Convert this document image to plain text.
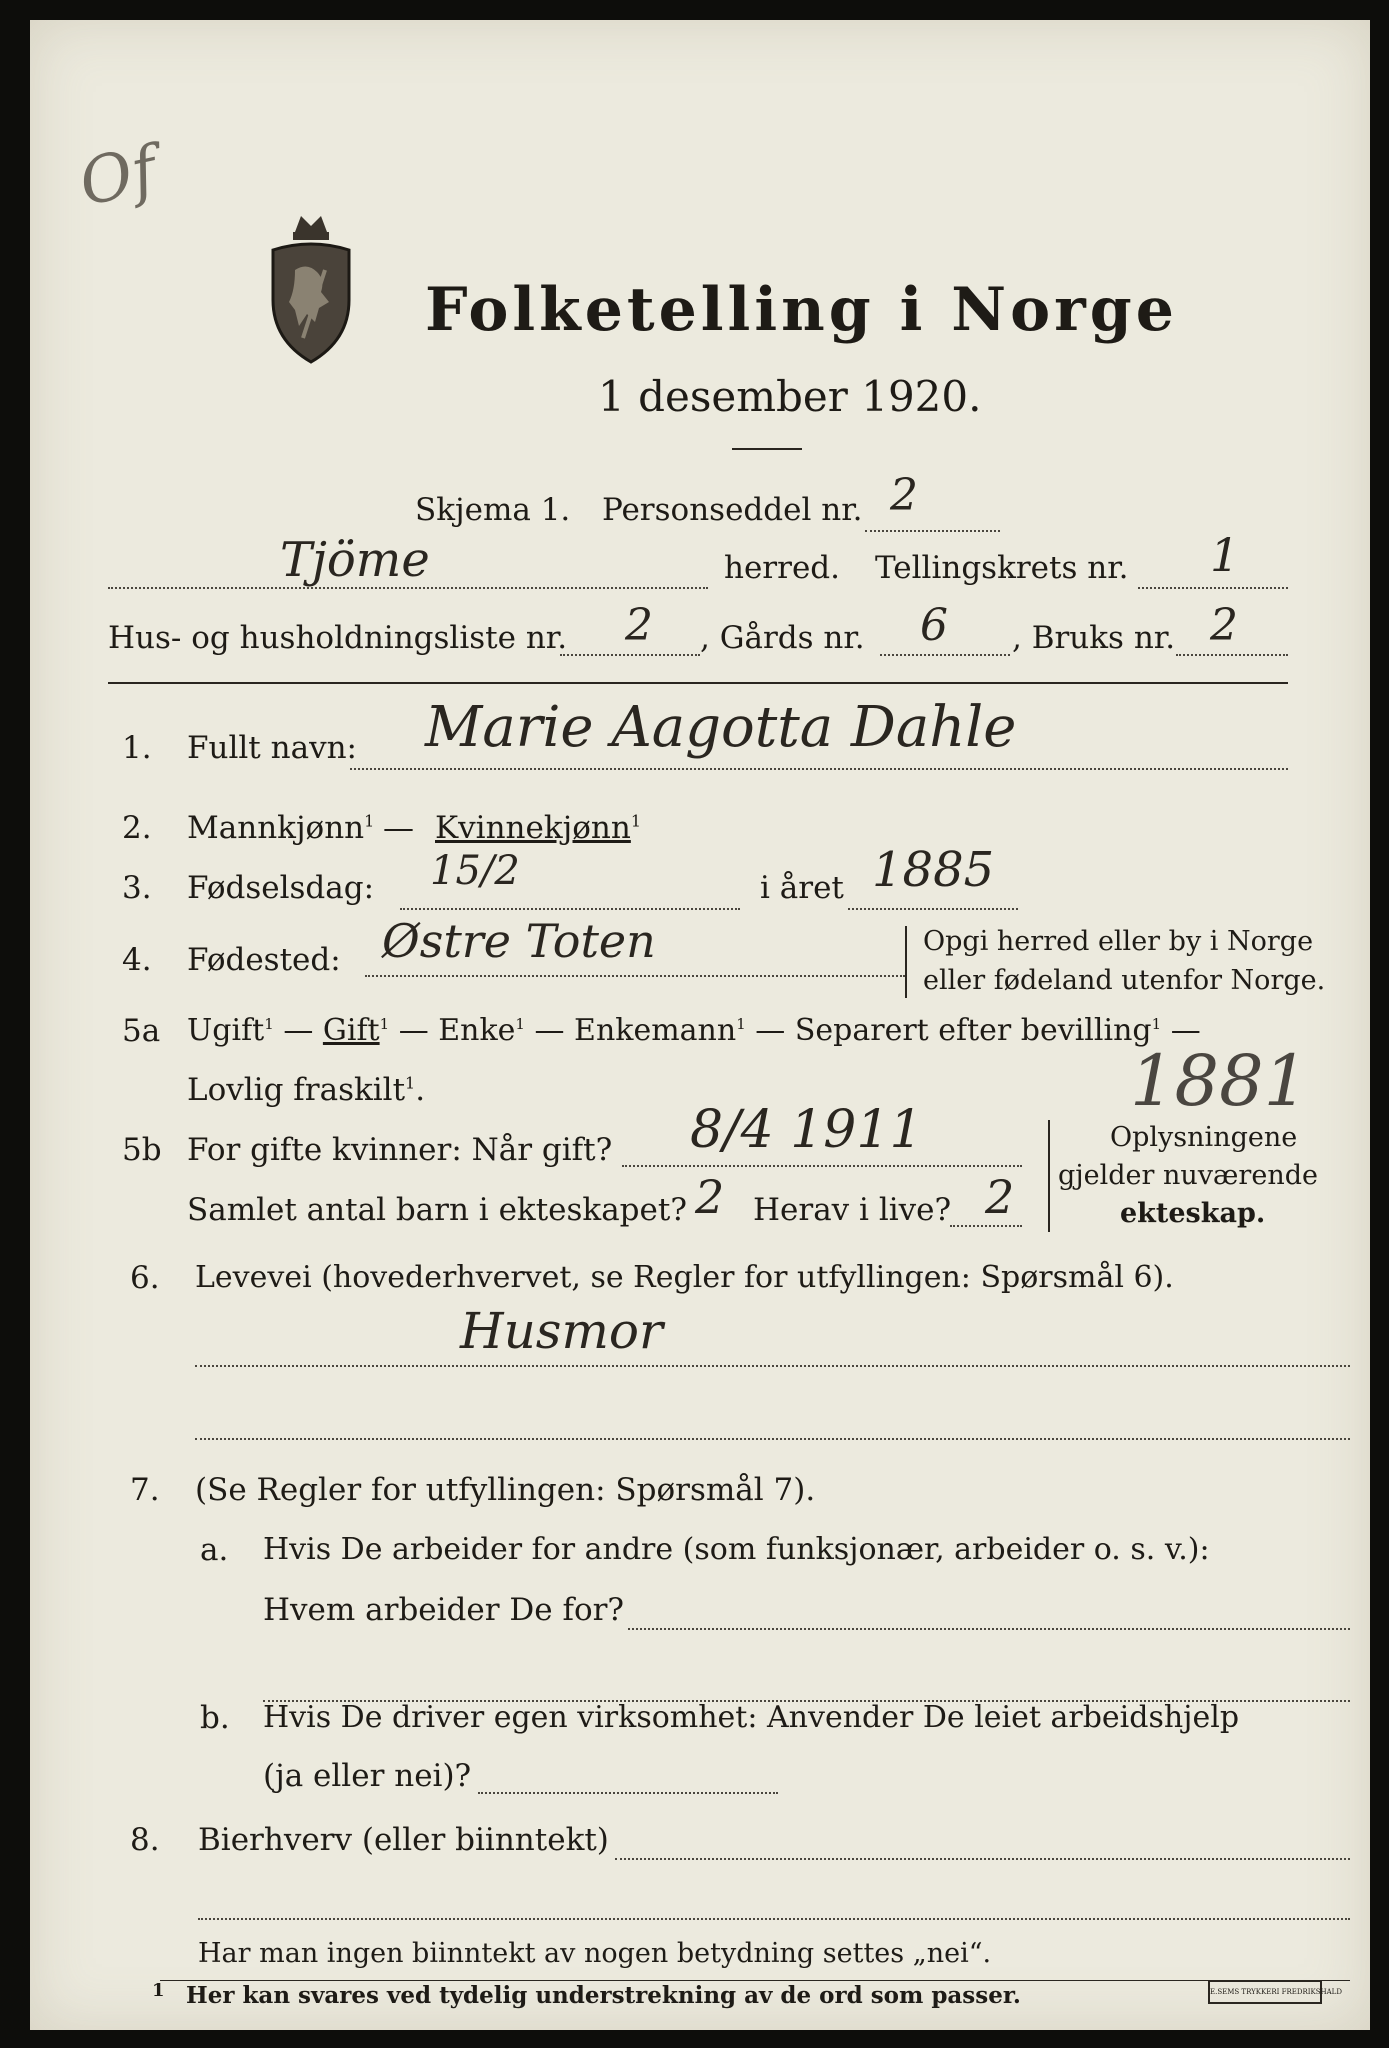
Of
Folketelling i Norge
1 desember 1920.
Skjema 1. Personseddel nr. 2
Tjöme	herred. Tellingskrets nr. 1
Hus- og husholdningsliste nr. 2 , Gårds nr. 6 , Bruks nr. 2
1. Fullt navn: Marie Aagotta Dahle
2. Mannkjønn$^1$ — Kvinnekjønn$^1$
3. Fødselsdag: 15/2	i året 1885
4. Fødested: Østre Toten	Opgi herred eller by i Norge
eller fødeland utenfor Norge.
5a Ugift$^1$ — Gift$^1$ — Enke$^1$ — Enkemann$^1$ — Separert efter bevilling$^1$ —
Lovlig fraskilt$^1$.	1881
5b For gifte kvinner: Når gift? 8/4 1911
Samlet antal barn i ekteskapet? 2 Herav i live? 2
Oplysningene
gjelder nuværende
ekteskap.
6. Levevei (hovederhvervet, se Regler for utfyllingen: Spørsmål 6).
Husmor
7. (Se Regler for utfyllingen: Spørsmål 7).
a. Hvis De arbeider for andre (som funksjonær, arbeider o. s. v.):
Hvem arbeider De for?
b. Hvis De driver egen virksomhet: Anvender De leiet arbeidshjelp
(ja eller nei)?
8. Bierhverv (eller biinntekt)
Har man ingen biinntekt av nogen betydning settes „nei“.
1 Her kan svares ved tydelig understrekning av de ord som passer.	E.SEMS TRYKKERI FREDRIKSHALD
